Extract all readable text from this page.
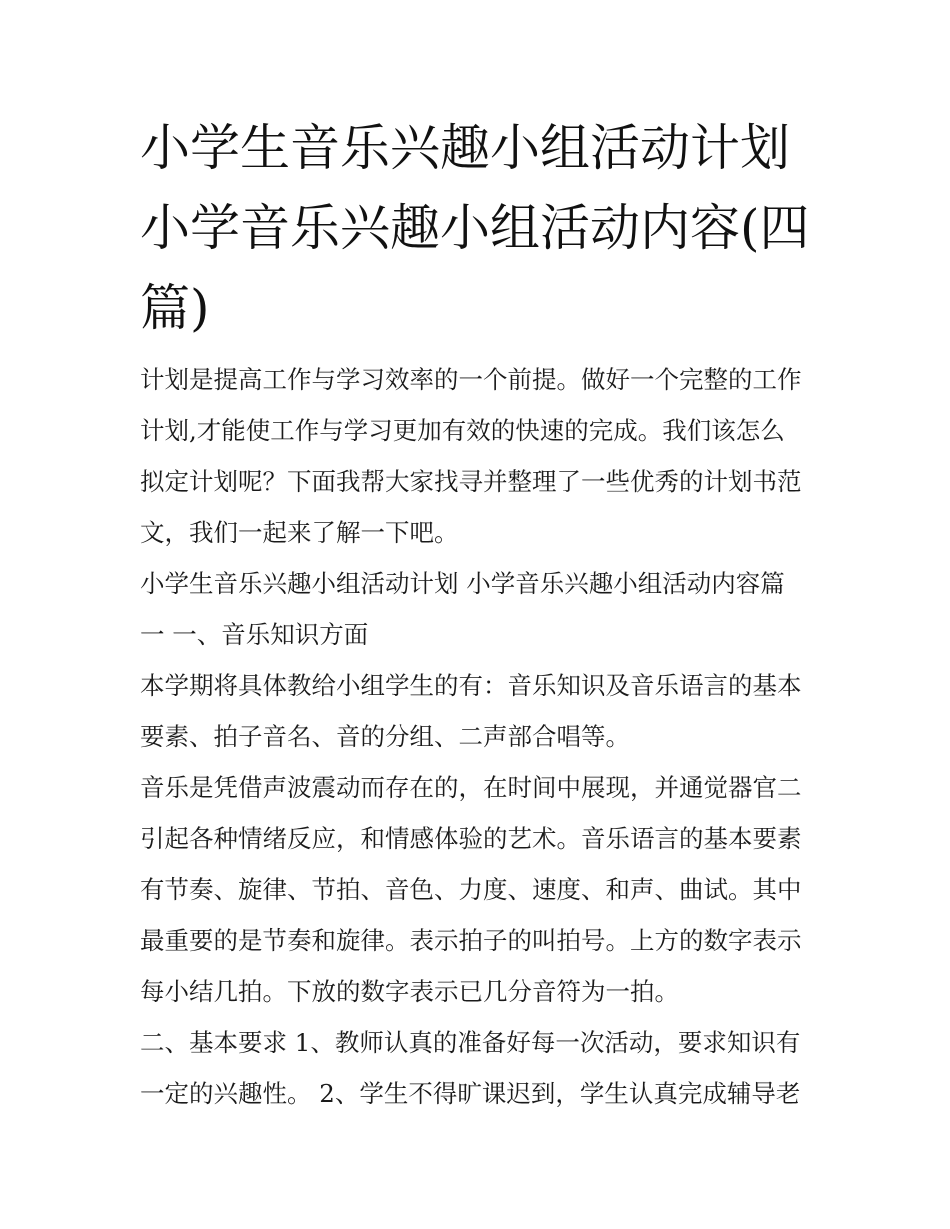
小学生音乐兴趣小组活动计划
小学音乐兴趣小组活动内容(四
篇)

计划是提高工作与学习效率的一个前提。做好一个完整的工作

计划,才能使工作与学习更加有效的快速的完成。我们该怎么

拟定计划呢？下面我帮大家找寻并整理了一些优秀的计划书范

文，我们一起来了解一下吧。

小学生音乐兴趣小组活动计划 小学音乐兴趣小组活动内容篇

一 一、音乐知识方面

本学期将具体教给小组学生的有：音乐知识及音乐语言的基本

要素、拍子音名、音的分组、二声部合唱等。

音乐是凭借声波震动而存在的，在时间中展现，并通觉器官二

引起各种情绪反应，和情感体验的艺术。音乐语言的基本要素

有节奏、旋律、节拍、音色、力度、速度、和声、曲试。其中

最重要的是节奏和旋律。表示拍子的叫拍号。上方的数字表示

每小结几拍。下放的数字表示已几分音符为一拍。

二、基本要求 1、教师认真的准备好每一次活动，要求知识有

一定的兴趣性。 2、学生不得旷课迟到，学生认真完成辅导老
